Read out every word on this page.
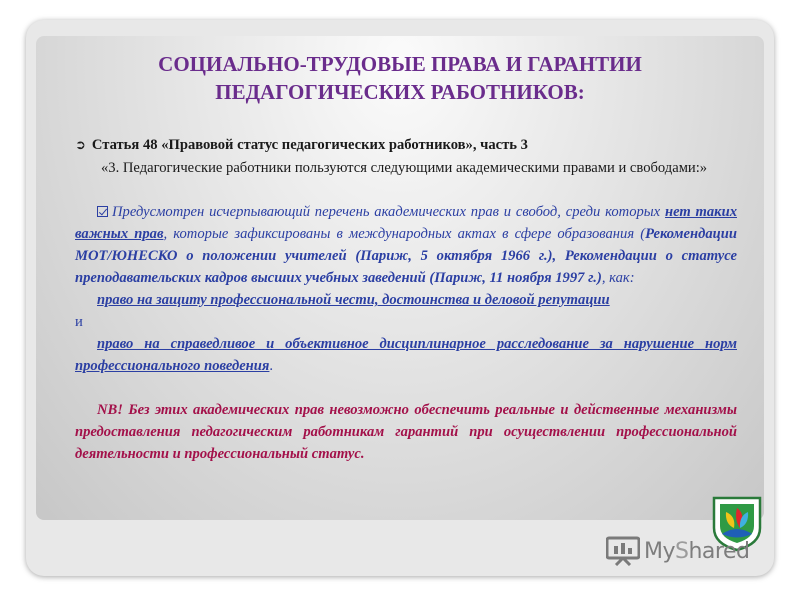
СОЦИАЛЬНО-ТРУДОВЫЕ ПРАВА И ГАРАНТИИ
ПЕДАГОГИЧЕСКИХ РАБОТНИКОВ:
➲ Статья 48 «Правовой статус педагогических работников», часть 3
«3. Педагогические работники пользуются следующими академическими правами и свободами:»
Предусмотрен исчерпывающий перечень академических прав и свобод, среди которых нет таких важных прав, которые зафиксированы в международных актах в сфере образования (Рекомендации МОТ/ЮНЕСКО о положении учителей (Париж, 5 октября 1966 г.), Рекомендации о статусе преподавательских кадров высших учебных заведений (Париж, 11 ноября 1997 г.), как:
право на защиту профессиональной чести, достоинства и деловой репутации
и
право на справедливое и объективное дисциплинарное расследование за нарушение норм профессионального поведения.
NB! Без этих академических прав невозможно обеспечить реальные и действенные механизмы предоставления педагогическим работникам гарантий при осуществлении профессиональной деятельности и профессиональный статус.
MyShared
